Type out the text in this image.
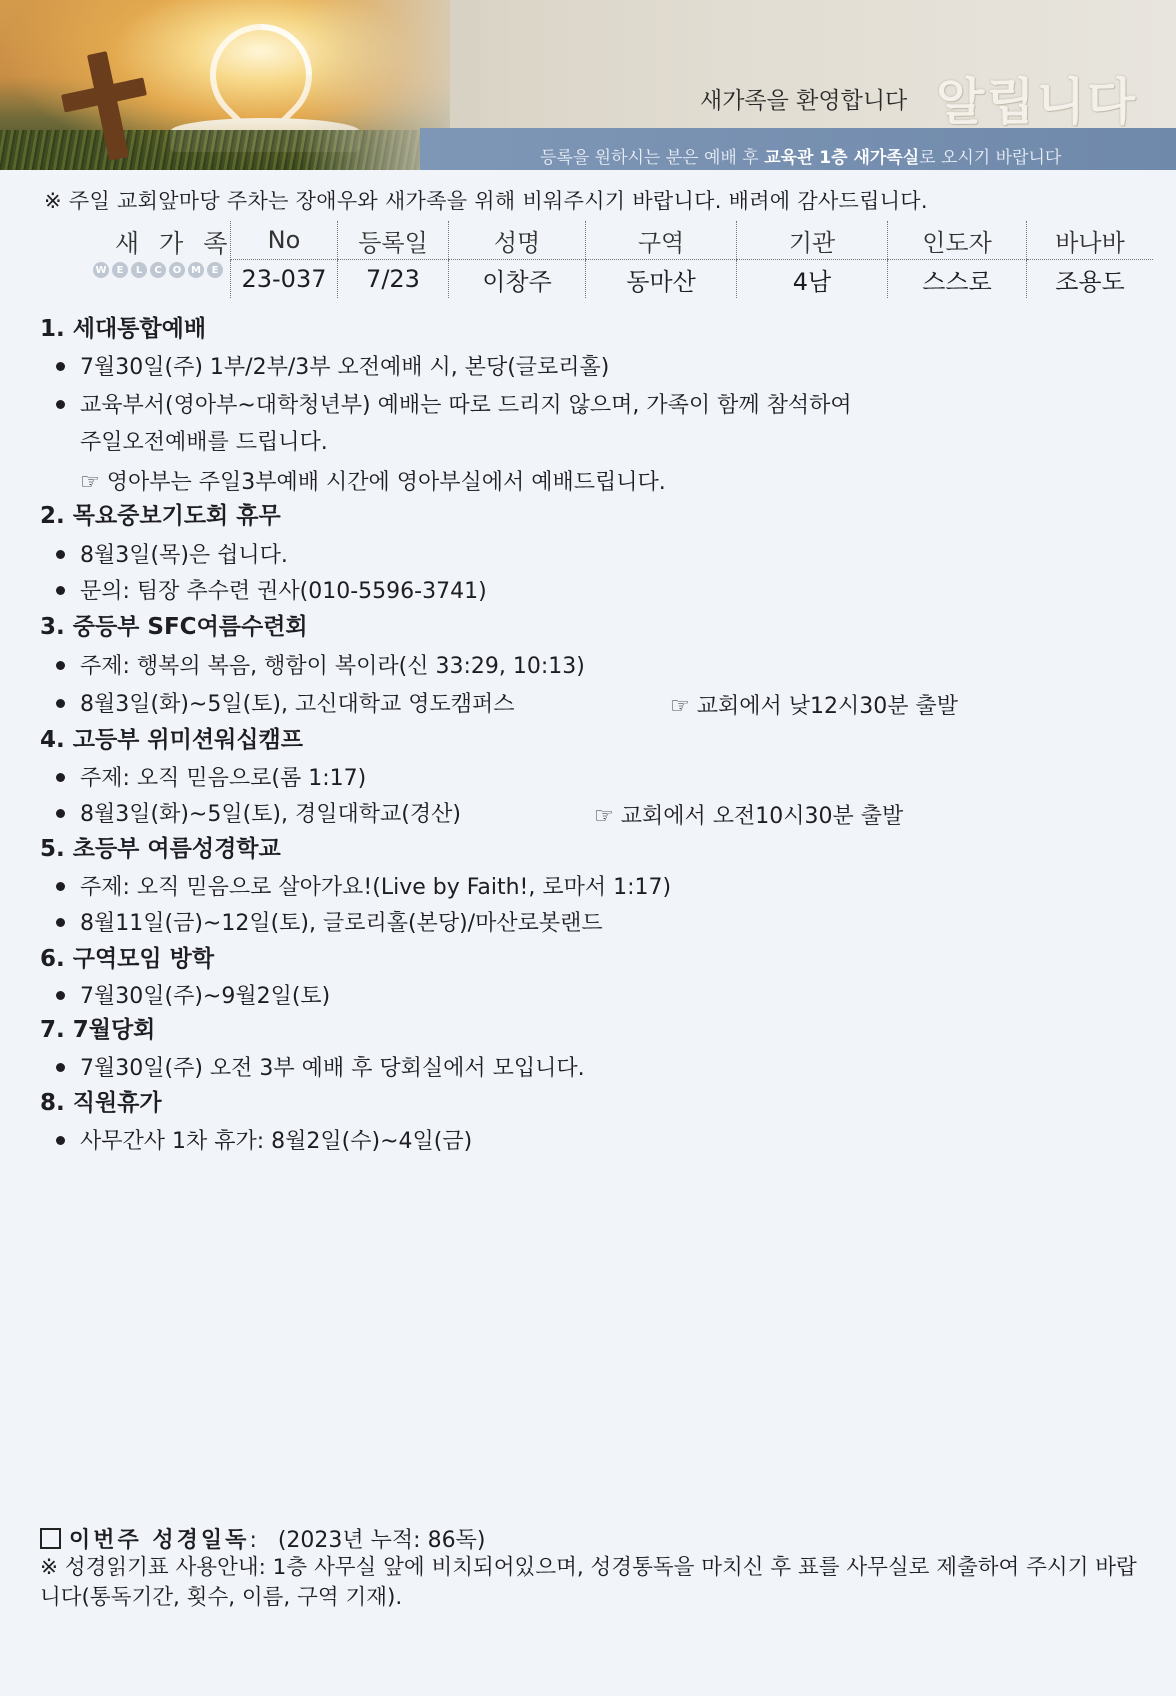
새가족을 환영합니다 알립니다
등록을 원하시는 분은 예배 후 교육관 1층 새가족실로 오시기 바랍니다
※ 주일 교회앞마당 주차는 장애우와 새가족을 위해 비워주시기 바랍니다. 배려에 감사드립니다.
새 가 족
W	E	L	C	O M	E
No	등록일	성명	구역	기관	인도자	바나바
23-037	7/23	이창주	동마산	4남	스스로	조용도
1. 세대통합예배
7월30일(주) 1부/2부/3부 오전예배 시, 본당(글로리홀)
교육부서(영아부~대학청년부) 예배는 따로 드리지 않으며, 가족이 함께 참석하여
주일오전예배를 드립니다.
☞ 영아부는 주일3부예배 시간에 영아부실에서 예배드립니다.
2. 목요중보기도회 휴무
8월3일(목)은 쉽니다.
문의: 팀장 추수련 권사(010-5596-3741)
3. 중등부 SFC여름수련회
주제: 행복의 복음, 행함이 복이라(신 33:29, 10:13)
8월3일(화)~5일(토), 고신대학교 영도캠퍼스	☞ 교회에서 낮12시30분 출발
4. 고등부 위미션워십캠프
주제: 오직 믿음으로(롬 1:17)
8월3일(화)~5일(토), 경일대학교(경산)	☞ 교회에서 오전10시30분 출발
5. 초등부 여름성경학교
주제: 오직 믿음으로 살아가요!(Live by Faith!, 로마서 1:17)
8월11일(금)~12일(토), 글로리홀(본당)/마산로봇랜드
6. 구역모임 방학
7월30일(주)~9월2일(토)
7. 7월당회
7월30일(주) 오전 3부 예배 후 당회실에서 모입니다.
8. 직원휴가
사무간사 1차 휴가: 8월2일(수)~4일(금)
이번주 성경일독: (2023년 누적: 86독)
※ 성경읽기표 사용안내: 1층 사무실 앞에 비치되어있으며, 성경통독을 마치신 후 표를 사무실로 제출하여 주시기 바랍니다(통독기간, 횟수, 이름, 구역 기재).
